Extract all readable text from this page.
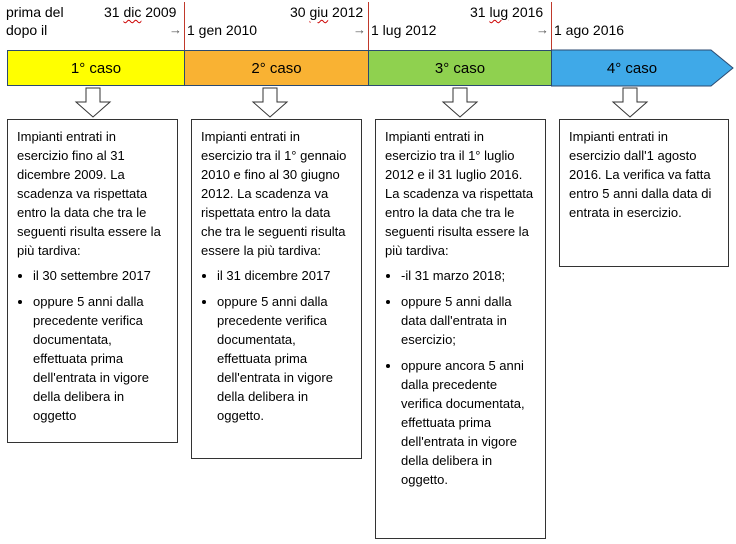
prima del
dopo il
31 dic 2009
→ 1 gen 2010
30 giu 2012
→ 1 lug 2012
31 lug 2016
→ 1 ago 2016
1° caso	2° caso	3° caso	4° caso

Impianti entrati in esercizio fino al 31 dicembre 2009. La scadenza va rispettata entro la data che tra le seguenti risulta essere la più tardiva:

• il 30 settembre 2017
• oppure 5 anni dalla precedente verifica documentata, effettuata prima dell'entrata in vigore della delibera in oggetto

Impianti entrati in esercizio tra il 1° gennaio 2010 e fino al 30 giugno 2012. La scadenza va rispettata entro la data che tra le seguenti risulta essere la più tardiva:

• il 31 dicembre 2017
• oppure 5 anni dalla precedente verifica documentata, effettuata prima dell'entrata in vigore della delibera in oggetto.

Impianti entrati in esercizio tra il 1° luglio 2012 e il 31 luglio 2016. La scadenza va rispettata entro la data che tra le seguenti risulta essere la più tardiva:

• -il 31 marzo 2018;
• oppure 5 anni dalla data dall'entrata in esercizio;
• oppure ancora 5 anni dalla precedente verifica documentata, effettuata prima dell'entrata in vigore della delibera in oggetto.

Impianti entrati in esercizio dall'1 agosto 2016. La verifica va fatta entro 5 anni dalla data di entrata in esercizio.
